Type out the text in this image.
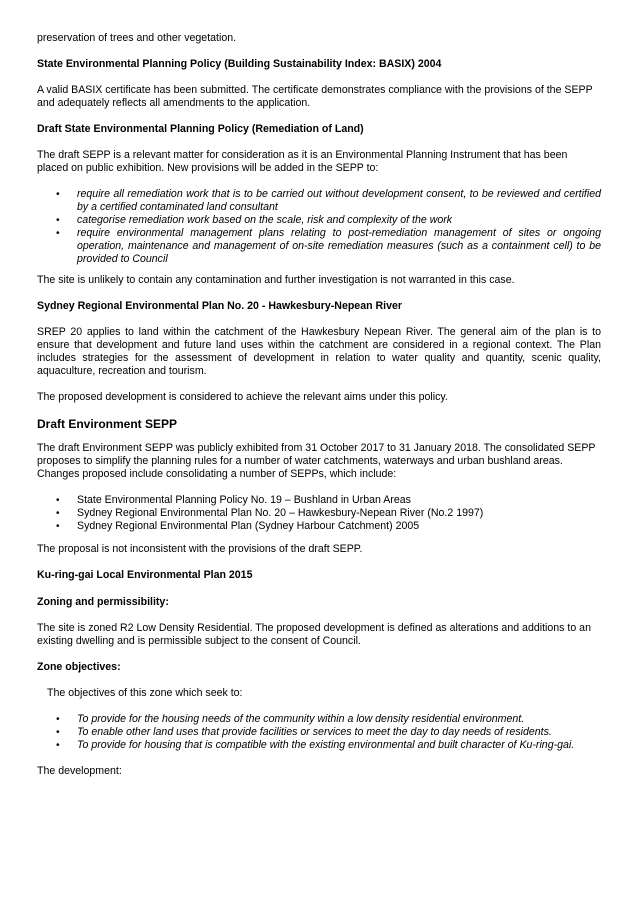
preservation of trees and other vegetation.

State Environmental Planning Policy (Building Sustainability Index: BASIX) 2004

A valid BASIX certificate has been submitted. The certificate demonstrates compliance with the provisions of the SEPP and adequately reflects all amendments to the application.

Draft State Environmental Planning Policy (Remediation of Land)

The draft SEPP is a relevant matter for consideration as it is an Environmental Planning Instrument that has been placed on public exhibition. New provisions will be added in the SEPP to:

• require all remediation work that is to be carried out without development consent, to be reviewed and certified by a certified contaminated land consultant
• categorise remediation work based on the scale, risk and complexity of the work
• require environmental management plans relating to post-remediation management of sites or ongoing operation, maintenance and management of on-site remediation measures (such as a containment cell) to be provided to Council

The site is unlikely to contain any contamination and further investigation is not warranted in this case.

Sydney Regional Environmental Plan No. 20 - Hawkesbury-Nepean River

SREP 20 applies to land within the catchment of the Hawkesbury Nepean River. The general aim of the plan is to ensure that development and future land uses within the catchment are considered in a regional context. The Plan includes strategies for the assessment of development in relation to water quality and quantity, scenic quality, aquaculture, recreation and tourism.

The proposed development is considered to achieve the relevant aims under this policy.

Draft Environment SEPP

The draft Environment SEPP was publicly exhibited from 31 October 2017 to 31 January 2018. The consolidated SEPP proposes to simplify the planning rules for a number of water catchments, waterways and urban bushland areas. Changes proposed include consolidating a number of SEPPs, which include:

• State Environmental Planning Policy No. 19 – Bushland in Urban Areas
• Sydney Regional Environmental Plan No. 20 – Hawkesbury-Nepean River (No.2 1997)
• Sydney Regional Environmental Plan (Sydney Harbour Catchment) 2005

The proposal is not inconsistent with the provisions of the draft SEPP.

Ku-ring-gai Local Environmental Plan 2015
Zoning and permissibility:

The site is zoned R2 Low Density Residential. The proposed development is defined as alterations and additions to an existing dwelling and is permissible subject to the consent of Council.

Zone objectives:

The objectives of this zone which seek to:

• To provide for the housing needs of the community within a low density residential environment.
• To enable other land uses that provide facilities or services to meet the day to day needs of residents.
• To provide for housing that is compatible with the existing environmental and built character of Ku-ring-gai.

The development:
